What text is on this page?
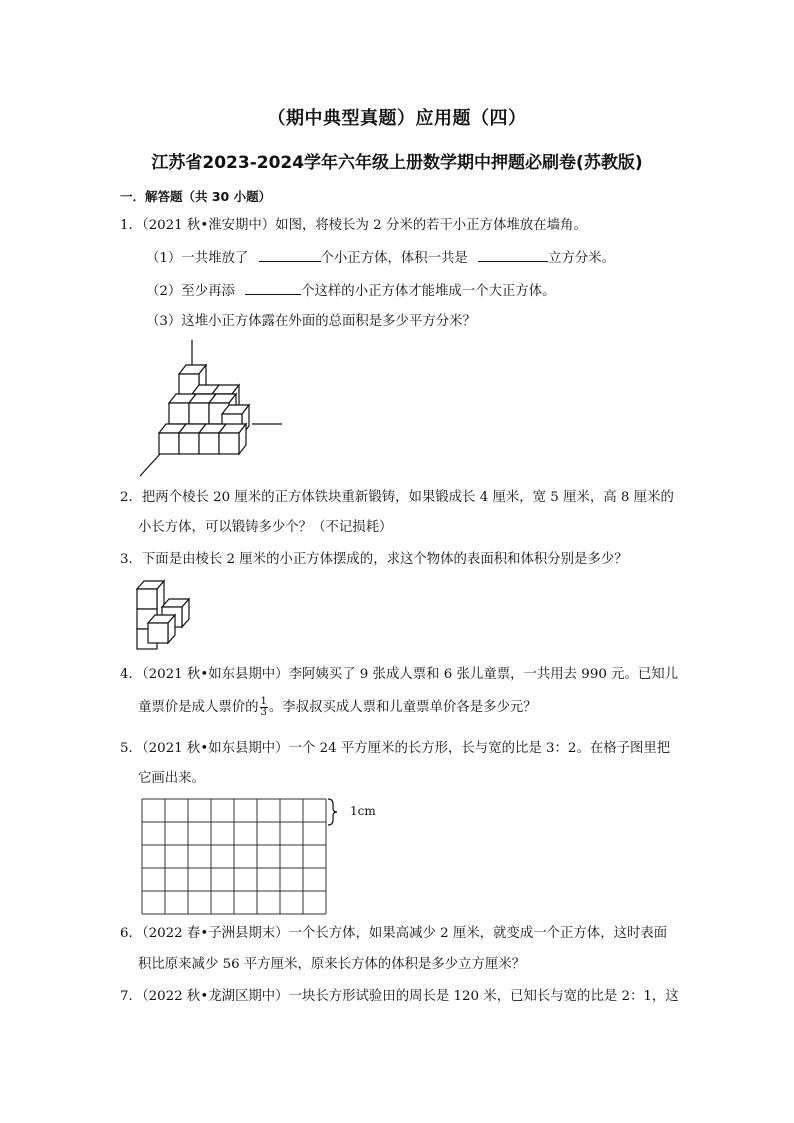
（期中典型真题）应用题（四）
江苏省2023-2024学年六年级上册数学期中押题必刷卷(苏教版)
一．解答题（共 30 小题）
1．（2021 秋•淮安期中）如图，将棱长为 2 分米的若干小正方体堆放在墙角。
（1）一共堆放了	个小正方体，体积一共是	立方分米。
（2）至少再添	个这样的小正方体才能堆成一个大正方体。
（3）这堆小正方体露在外面的总面积是多少平方分米？
2．把两个棱长 20 厘米的正方体铁块重新锻铸，如果锻成长 4 厘米，宽 5 厘米，高 8 厘米的
小长方体，可以锻铸多少个？（不记损耗）
3．下面是由棱长 2 厘米的小正方体摆成的，求这个物体的表面积和体积分别是多少？
4．（2021 秋•如东县期中）李阿姨买了 9 张成人票和 6 张儿童票，一共用去 990 元。已知儿
童票价是成人票价的 $\frac{1}{3}$ 。李叔叔买成人票和儿童票单价各是多少元？
5．（2021 秋•如东县期中）一个 24 平方厘米的长方形，长与宽的比是 3：2。在格子图里把
它画出来。
1cm
6．（2022 春•子洲县期末）一个长方体，如果高减少 2 厘米，就变成一个正方体，这时表面
积比原来减少 56 平方厘米，原来长方体的体积是多少立方厘米？
7．（2022 秋•龙湖区期中）一块长方形试验田的周长是 120 米，已知长与宽的比是 2：1，这
